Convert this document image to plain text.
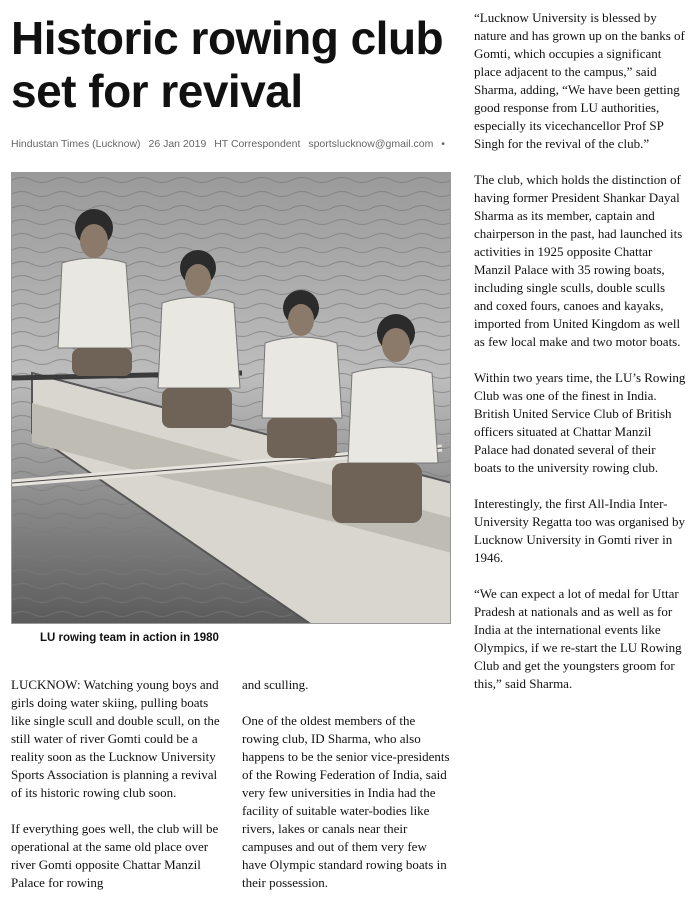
Historic rowing club set for revival
Hindustan Times (Lucknow) 26 Jan 2019 HT Correspondent sportslucknow@gmail.com •
LU rowing team in action in 1980

LUCKNOW: Watching young boys and girls doing water skiing, pulling boats like single scull and double scull, on the still water of river Gomti could be a reality soon as the Lucknow University Sports Association is planning a revival of its historic rowing club soon.

If everything goes well, the club will be operational at the same old place over river Gomti opposite Chattar Manzil Palace for rowing

and sculling.

One of the oldest members of the rowing club, ID Sharma, who also happens to be the senior vice-presidents of the Rowing Federation of India, said very few universities in India had the facility of suitable water-bodies like rivers, lakes or canals near their campuses and out of them very few have Olympic standard rowing boats in their possession.

“Lucknow University is blessed by nature and has grown up on the banks of Gomti, which occupies a significant place adjacent to the campus,” said Sharma, adding, “We have been getting good response from LU authorities, especially its vicechancellor Prof SP Singh for the revival of the club.”

The club, which holds the distinction of having former President Shankar Dayal Sharma as its member, captain and chairperson in the past, had launched its activities in 1925 opposite Chattar Manzil Palace with 35 rowing boats, including single sculls, double sculls and coxed fours, canoes and kayaks, imported from United Kingdom as well as few local make and two motor boats.

Within two years time, the LU’s Rowing Club was one of the finest in India. British United Service Club of British officers situated at Chattar Manzil Palace had donated several of their boats to the university rowing club.

Interestingly, the first All-India Inter-University Regatta too was organised by Lucknow University in Gomti river in 1946.

“We can expect a lot of medal for Uttar Pradesh at nationals and as well as for India at the international events like Olympics, if we re-start the LU Rowing Club and get the youngsters groom for this,” said Sharma.
